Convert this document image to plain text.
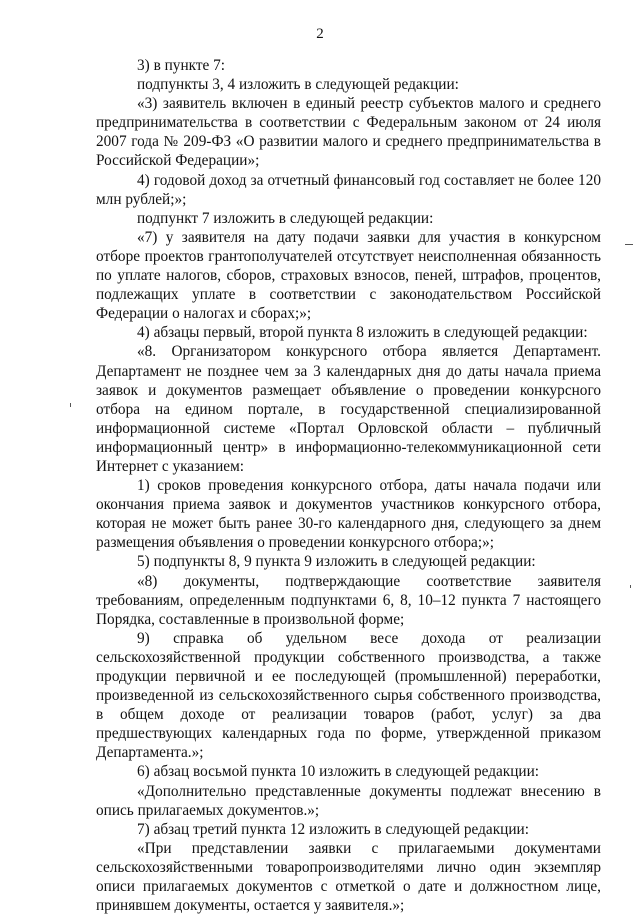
2

3) в пункте 7:

подпункты 3, 4 изложить в следующей редакции:

«3) заявитель включен в единый реестр субъектов малого и среднего предпринимательства в соответствии с Федеральным законом от 24 июля 2007 года № 209-ФЗ «О развитии малого и среднего предпринимательства в Российской Федерации»;

4) годовой доход за отчетный финансовый год составляет не более 120 млн рублей;»;

подпункт 7 изложить в следующей редакции:

«7) у заявителя на дату подачи заявки для участия в конкурсном отборе проектов грантополучателей отсутствует неисполненная обязанность по уплате налогов, сборов, страховых взносов, пеней, штрафов, процентов, подлежащих уплате в соответствии с законодательством Российской Федерации о налогах и сборах;»;

4) абзацы первый, второй пункта 8 изложить в следующей редакции:

«8. Организатором конкурсного отбора является Департамент. Департамент не позднее чем за 3 календарных дня до даты начала приема заявок и документов размещает объявление о проведении конкурсного отбора на едином портале, в государственной специализированной информационной системе «Портал Орловской области – публичный информационный центр» в информационно-телекоммуникационной сети Интернет с указанием:

1) сроков проведения конкурсного отбора, даты начала подачи или окончания приема заявок и документов участников конкурсного отбора, которая не может быть ранее 30-го календарного дня, следующего за днем размещения объявления о проведении конкурсного отбора;»;

5) подпункты 8, 9 пункта 9 изложить в следующей редакции:

«8) документы, подтверждающие соответствие заявителя требованиям, определенным подпунктами 6, 8, 10–12 пункта 7 настоящего Порядка, составленные в произвольной форме;

9) справка об удельном весе дохода от реализации сельскохозяйственной продукции собственного производства, а также продукции первичной и ее последующей (промышленной) переработки, произведенной из сельскохозяйственного сырья собственного производства, в общем доходе от реализации товаров (работ, услуг) за два предшествующих календарных года по форме, утвержденной приказом Департамента.»;

6) абзац восьмой пункта 10 изложить в следующей редакции:

«Дополнительно представленные документы подлежат внесению в опись прилагаемых документов.»;

7) абзац третий пункта 12 изложить в следующей редакции:

«При представлении заявки с прилагаемыми документами сельскохозяйственными товаропроизводителями лично один экземпляр описи прилагаемых документов с отметкой о дате и должностном лице, принявшем документы, остается у заявителя.»;
